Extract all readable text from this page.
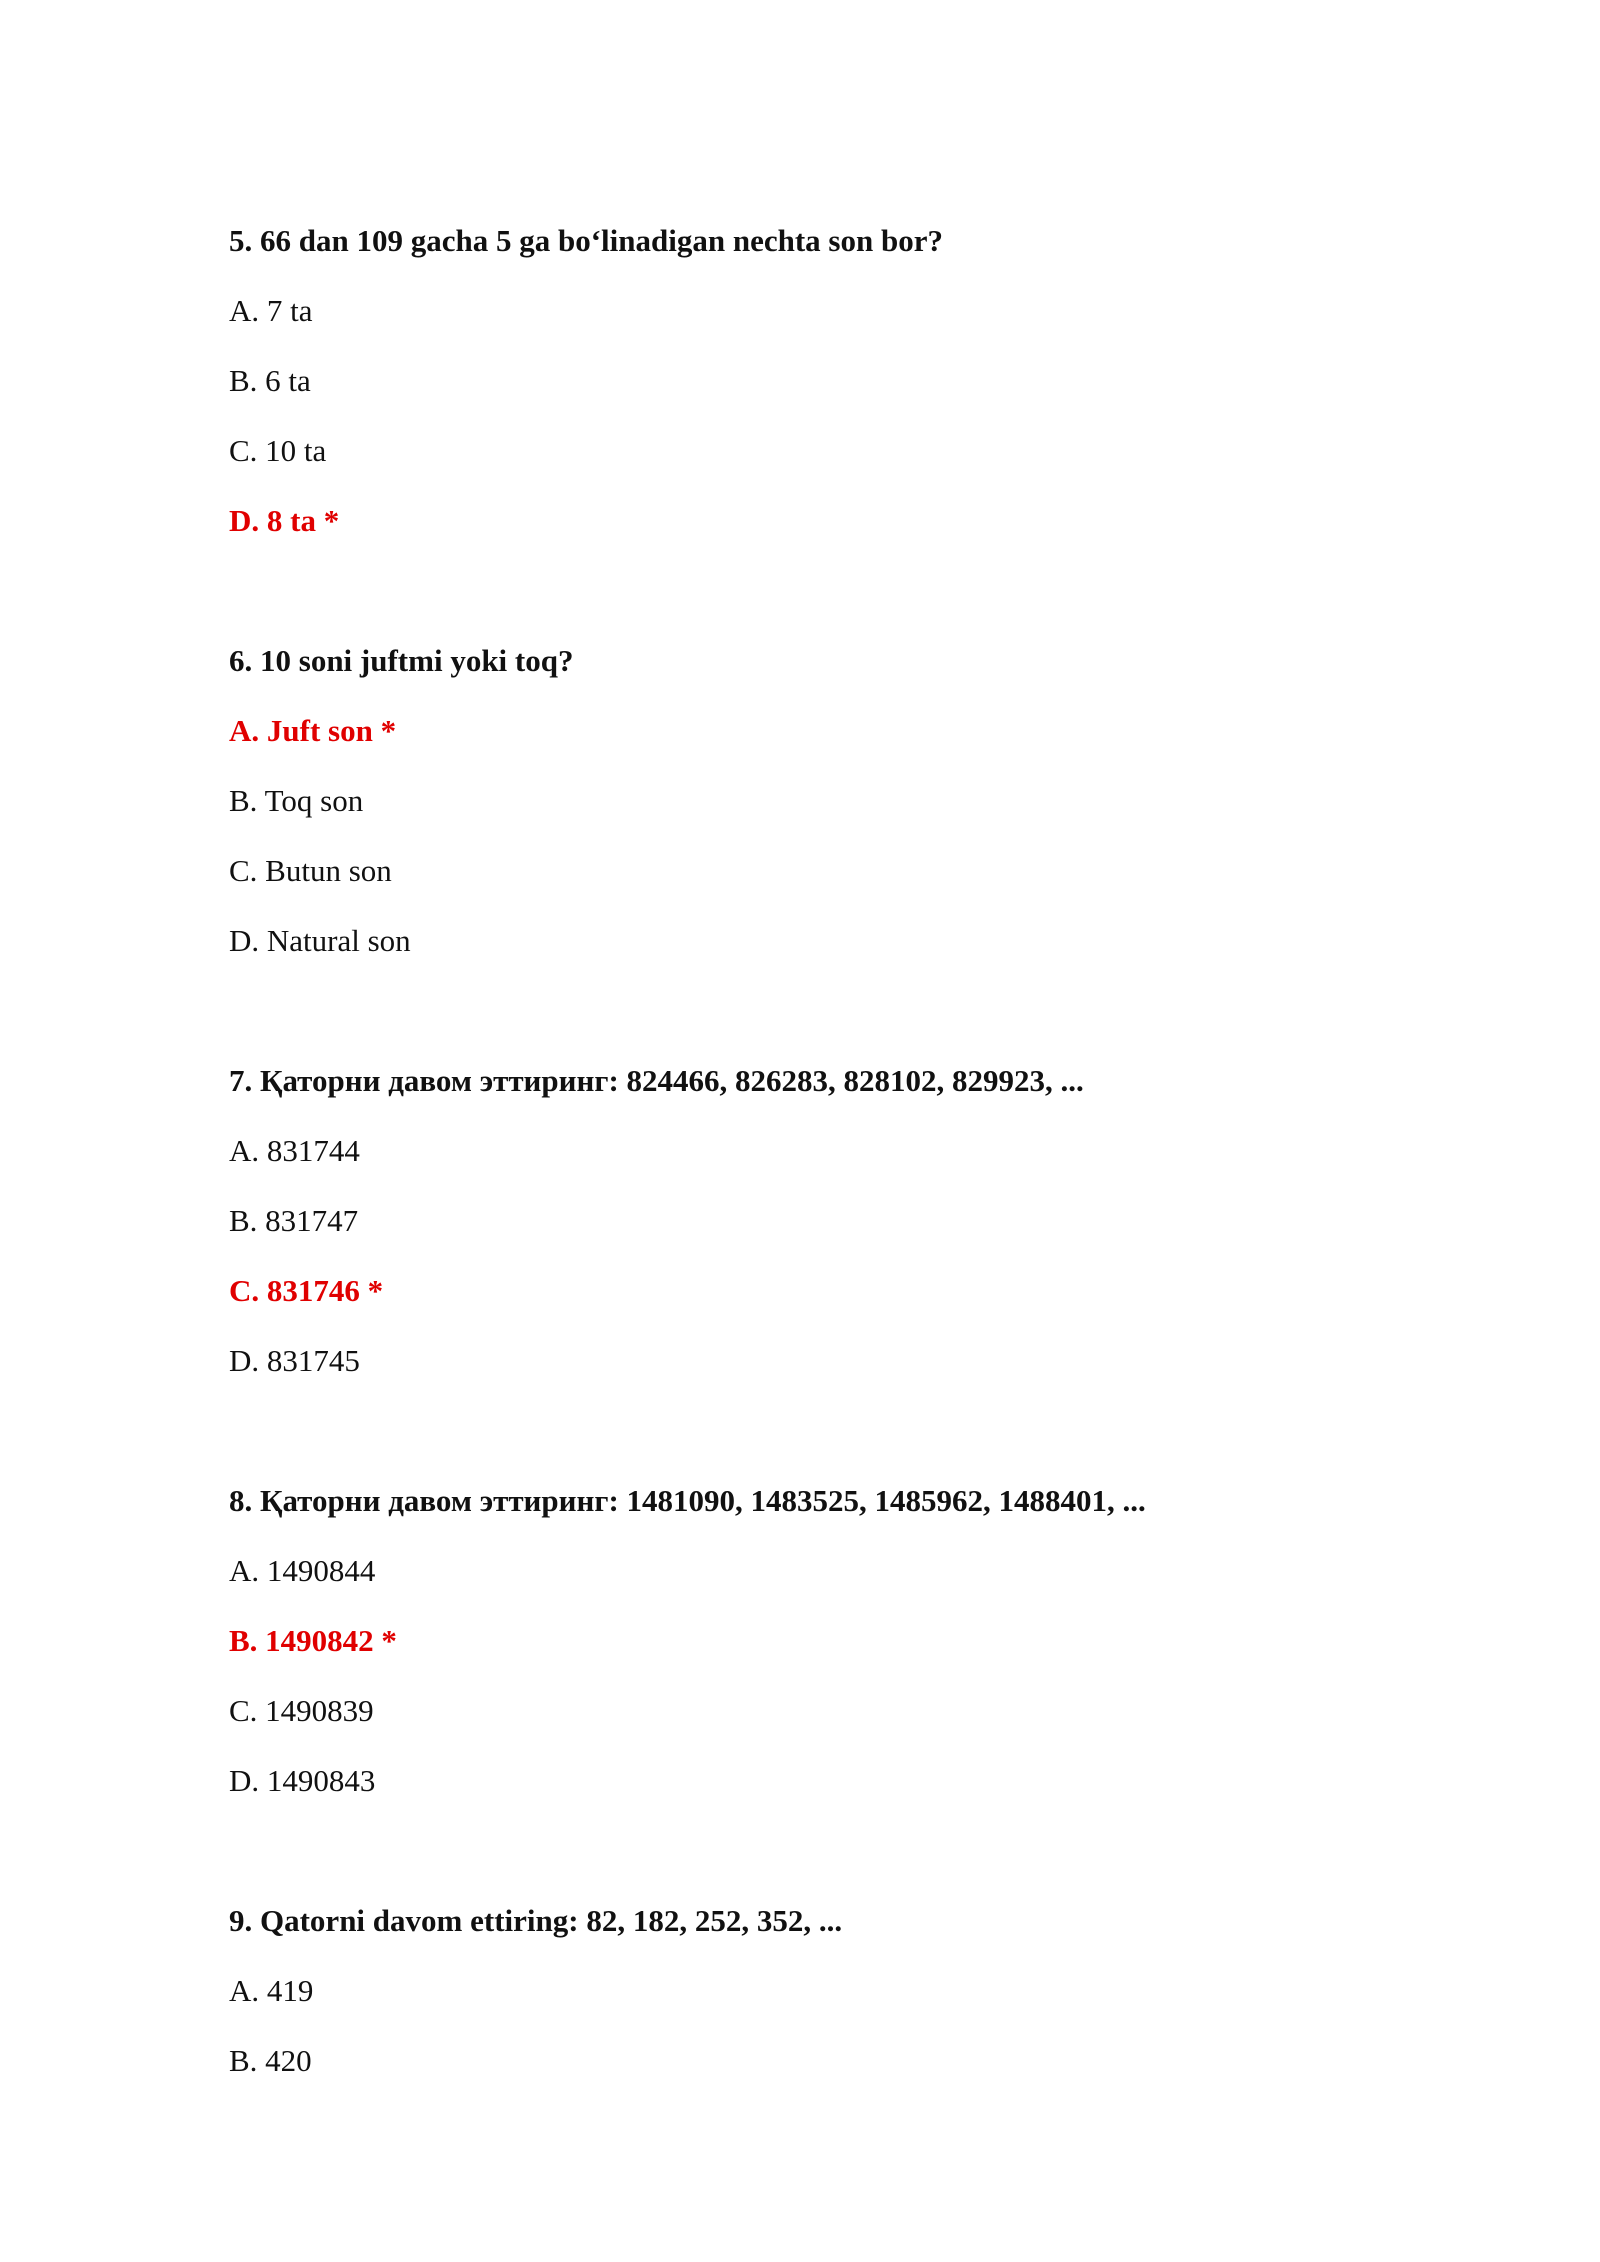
5. 66 dan 109 gacha 5 ga bo‘linadigan nechta son bor?
A. 7 ta
B. 6 ta
C. 10 ta
D. 8 ta *
6. 10 soni juftmi yoki toq?
A. Juft son *
B. Toq son
C. Butun son
D. Natural son
7. Қаторни давом эттиринг: 824466, 826283, 828102, 829923, ...
A. 831744
B. 831747
C. 831746 *
D. 831745
8. Қаторни давом эттиринг: 1481090, 1483525, 1485962, 1488401, ...
A. 1490844
B. 1490842 *
C. 1490839
D. 1490843
9. Qatorni davom ettiring: 82, 182, 252, 352, ...
A. 419
B. 420
